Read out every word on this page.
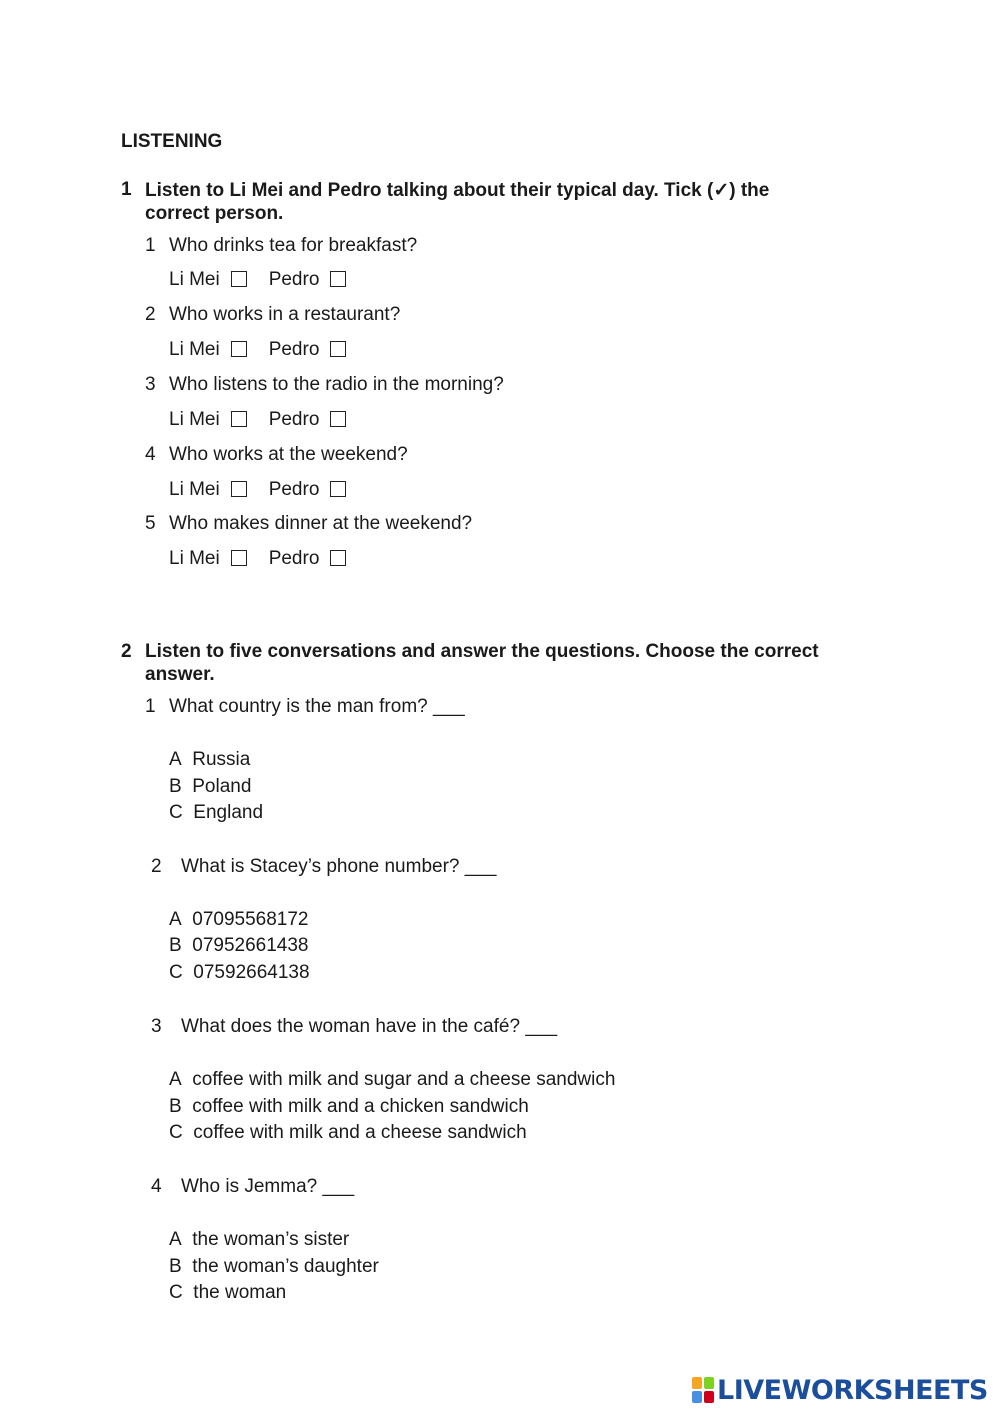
LISTENING
1 Listen to Li Mei and Pedro talking about their typical day. Tick (✓) the
correct person.
1 Who drinks tea for breakfast?
Li Mei	Pedro
2 Who works in a restaurant?
Li Mei	Pedro
3 Who listens to the radio in the morning?
Li Mei	Pedro
4 Who works at the weekend?
Li Mei	Pedro
5 Who makes dinner at the weekend?
Li Mei	Pedro
2 Listen to five conversations and answer the questions. Choose the correct
answer.
1 What country is the man from? ___
A Russia
B Poland
C England
2 What is Stacey’s phone number? ___
A 07095568172
B 07952661438
C 07592664138
3 What does the woman have in the café? ___
A coffee with milk and sugar and a cheese sandwich
B coffee with milk and a chicken sandwich
C coffee with milk and a cheese sandwich
4 Who is Jemma? ___
A the woman’s sister
B the woman’s daughter
C the woman
LIVEWORKSHEETS
